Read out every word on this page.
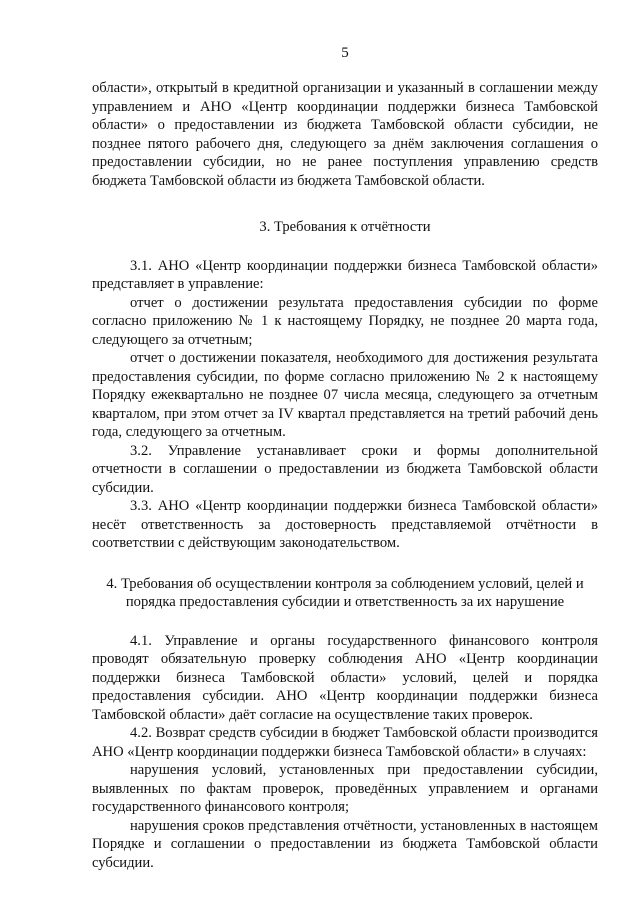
5

области», открытый в кредитной организации и указанный в соглашении между управлением и АНО «Центр координации поддержки бизнеса Тамбовской области» о предоставлении из бюджета Тамбовской области субсидии, не позднее пятого рабочего дня, следующего за днём заключения соглашения о предоставлении субсидии, но не ранее поступления управлению средств бюджета Тамбовской области из бюджета Тамбовской области.

3. Требования к отчётности

3.1. АНО «Центр координации поддержки бизнеса Тамбовской области» представляет в управление:

отчет о достижении результата предоставления субсидии по форме согласно приложению № 1 к настоящему Порядку, не позднее 20 марта года, следующего за отчетным;

отчет о достижении показателя, необходимого для достижения результата предоставления субсидии, по форме согласно приложению № 2 к настоящему Порядку ежеквартально не позднее 07 числа месяца, следующего за отчетным кварталом, при этом отчет за IV квартал представляется на третий рабочий день года, следующего за отчетным.

3.2. Управление устанавливает сроки и формы дополнительной отчетности в соглашении о предоставлении из бюджета Тамбовской области субсидии.

3.3. АНО «Центр координации поддержки бизнеса Тамбовской области» несёт ответственность за достоверность представляемой отчётности в соответствии с действующим законодательством.

4. Требования об осуществлении контроля за соблюдением условий, целей и
порядка предоставления субсидии и ответственность за их нарушение

4.1. Управление и органы государственного финансового контроля проводят обязательную проверку соблюдения АНО «Центр координации поддержки бизнеса Тамбовской области» условий, целей и порядка предоставления субсидии. АНО «Центр координации поддержки бизнеса Тамбовской области» даёт согласие на осуществление таких проверок.

4.2. Возврат средств субсидии в бюджет Тамбовской области производится АНО «Центр координации поддержки бизнеса Тамбовской области» в случаях:

нарушения условий, установленных при предоставлении субсидии, выявленных по фактам проверок, проведённых управлением и органами государственного финансового контроля;

нарушения сроков представления отчётности, установленных в настоящем Порядке и соглашении о предоставлении из бюджета Тамбовской области субсидии.
